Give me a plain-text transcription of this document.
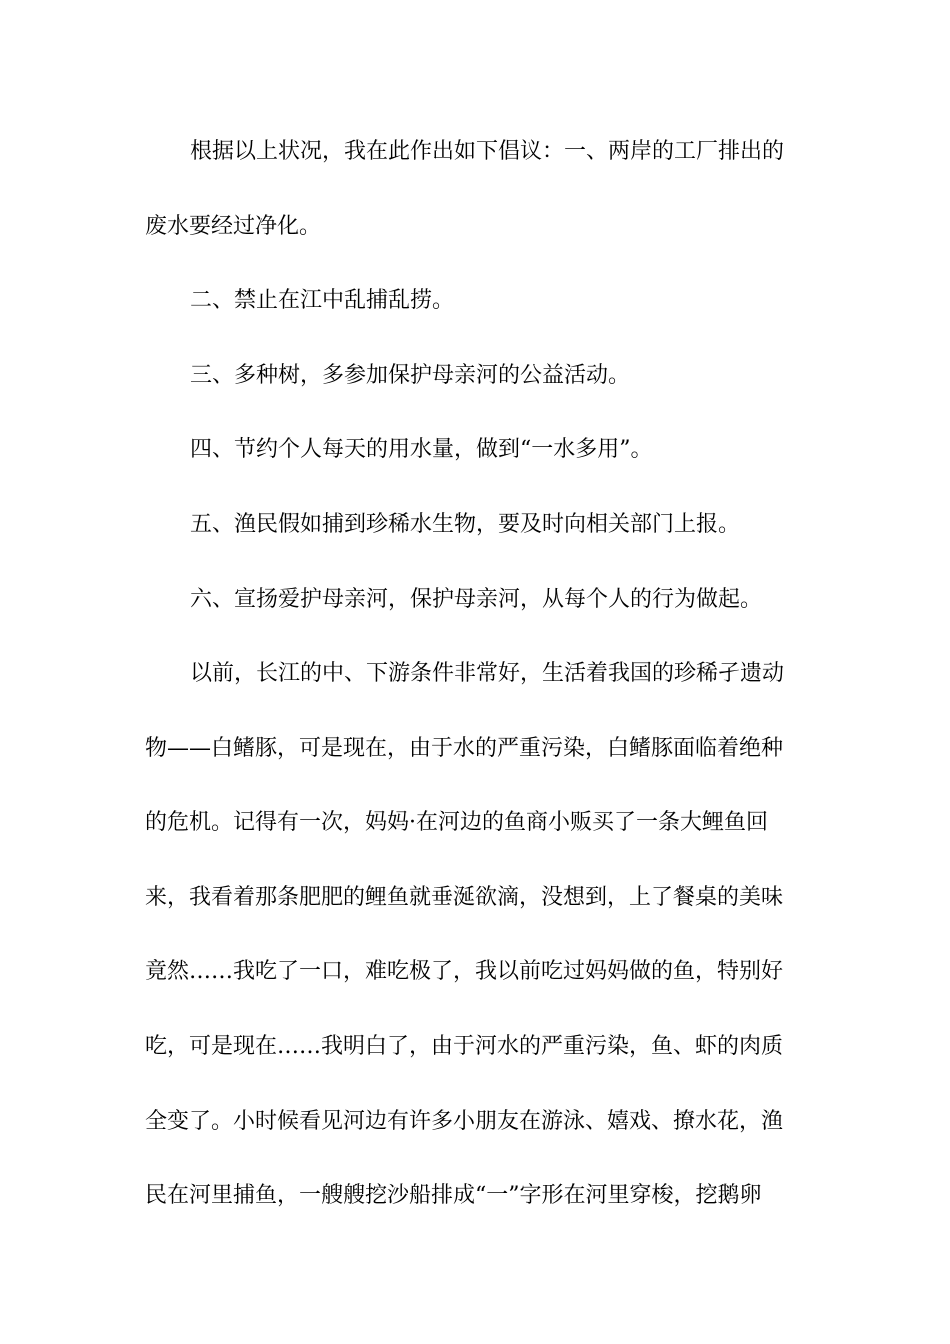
根据以上状况，我在此作出如下倡议：一、两岸的工厂排出的
废水要经过净化。
二、禁止在江中乱捕乱捞。
三、多种树，多参加保护母亲河的公益活动。
四、节约个人每天的用水量，做到“一水多用”。
五、渔民假如捕到珍稀水生物，要及时向相关部门上报。
六、宣扬爱护母亲河，保护母亲河，从每个人的行为做起。
以前，长江的中、下游条件非常好，生活着我国的珍稀孑遗动
物——白鳍豚，可是现在，由于水的严重污染，白鳍豚面临着绝种
的危机。记得有一次，妈妈·在河边的鱼商小贩买了一条大鲤鱼回
来，我看着那条肥肥的鲤鱼就垂涎欲滴，没想到，上了餐桌的美味
竟然……我吃了一口，难吃极了，我以前吃过妈妈做的鱼，特别好
吃，可是现在……我明白了，由于河水的严重污染，鱼、虾的肉质
全变了。小时候看见河边有许多小朋友在游泳、嬉戏、撩水花，渔
民在河里捕鱼，一艘艘挖沙船排成“一”字形在河里穿梭，挖鹅卵
